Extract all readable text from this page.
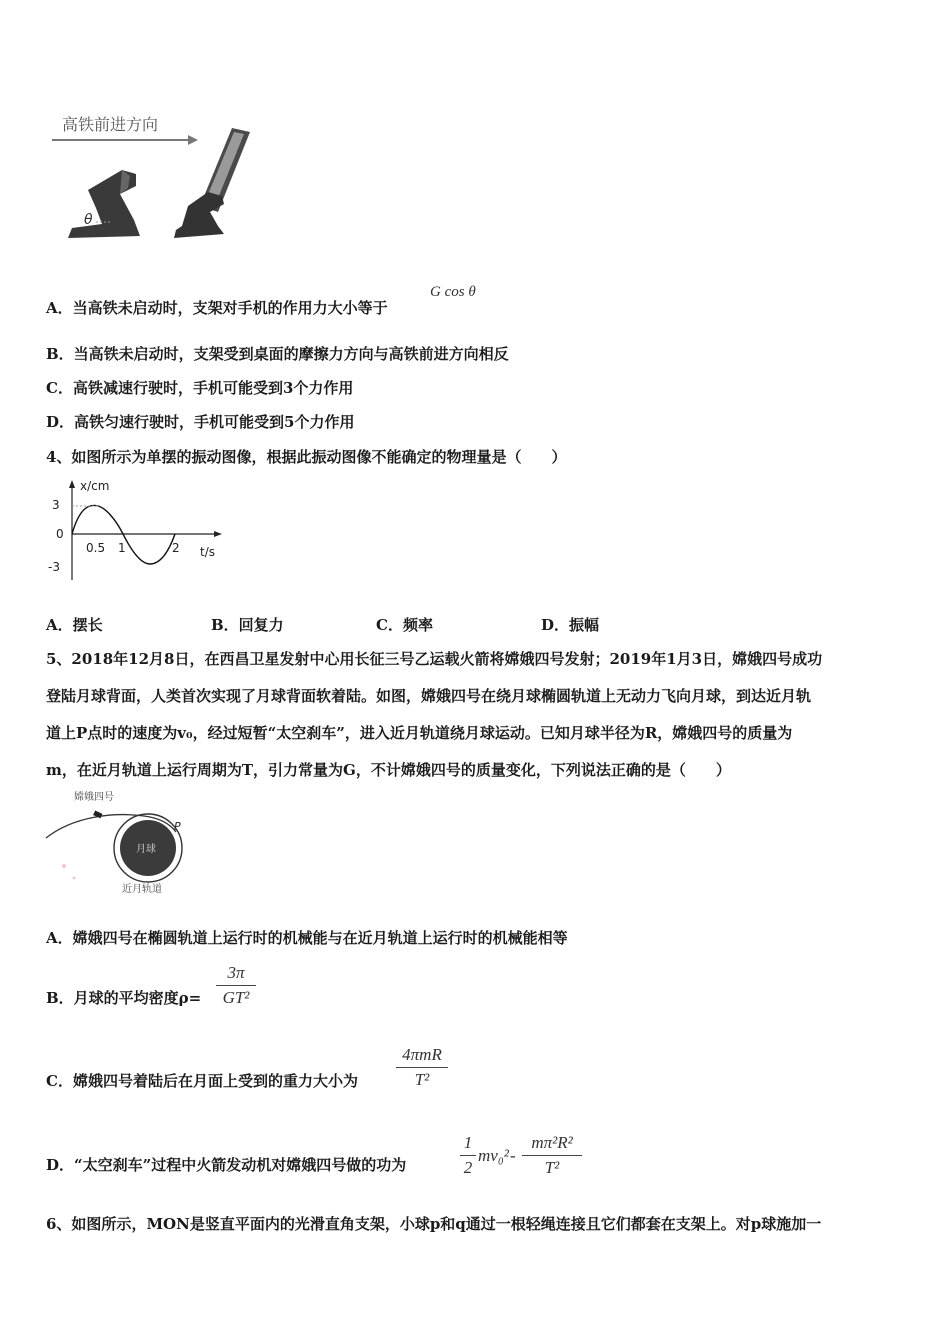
高铁前进方向
θ
A．当高铁未启动时，支架对手机的作用力大小等于
G cos θ
B．当高铁未启动时，支架受到桌面的摩擦力方向与高铁前进方向相反
C．高铁减速行驶时，手机可能受到3个力作用
D．高铁匀速行驶时，手机可能受到5个力作用
4、如图所示为单摆的振动图像，根据此振动图像不能确定的物理量是（　　）
x/cm
t/s
3
0
-3
0.5 1	2
A．摆长	B．回复力	C．频率	D．振幅
5、2018年12月8日，在西昌卫星发射中心用长征三号乙运载火箭将嫦娥四号发射；2019年1月3日，嫦娥四号成功
登陆月球背面，人类首次实现了月球背面软着陆。如图，嫦娥四号在绕月球椭圆轨道上无动力飞向月球，到达近月轨
道上P点时的速度为v₀，经过短暂“太空刹车”，进入近月轨道绕月球运动。已知月球半径为R，嫦娥四号的质量为
m，在近月轨道上运行周期为T，引力常量为G，不计嫦娥四号的质量变化，下列说法正确的是（　　）
嫦娥四号
P
月球
近月轨道
A．嫦娥四号在椭圆轨道上运行时的机械能与在近月轨道上运行时的机械能相等
B．月球的平均密度ρ=
3π
GT²
C．嫦娥四号着陆后在月面上受到的重力大小为
4πmR
T²
D．“太空刹车”过程中火箭发动机对嫦娥四号做的功为
1
2
mv₀² -
mπ²R²
T²
6、如图所示，MON是竖直平面内的光滑直角支架，小球p和q通过一根轻绳连接且它们都套在支架上。对p球施加一
